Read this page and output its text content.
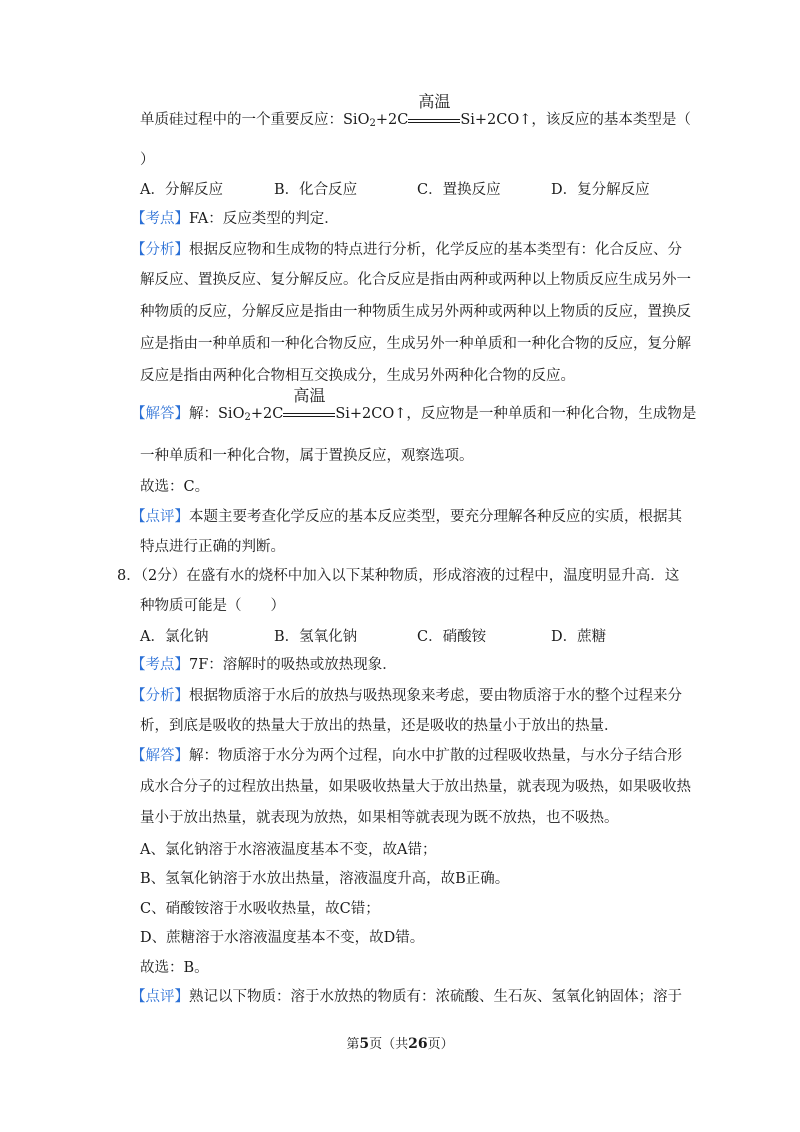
单质硅过程中的一个重要反应：SiO$_2$+2C
高温
Si+2CO↑，该反应的基本类型是（
）
A．分解反应	B．化合反应	C．置换反应	D．复分解反应
【考点】FA：反应类型的判定．
【分析】根据反应物和生成物的特点进行分析，化学反应的基本类型有：化合反应、分
解反应、置换反应、复分解反应。化合反应是指由两种或两种以上物质反应生成另外一
种物质的反应，分解反应是指由一种物质生成另外两种或两种以上物质的反应，置换反
应是指由一种单质和一种化合物反应，生成另外一种单质和一种化合物的反应，复分解
反应是指由两种化合物相互交换成分，生成另外两种化合物的反应。
【解答】解：SiO$_2$+2C
高温
Si+2CO↑，反应物是一种单质和一种化合物，生成物是
一种单质和一种化合物，属于置换反应，观察选项。
故选：C。
【点评】本题主要考查化学反应的基本反应类型，要充分理解各种反应的实质，根据其
特点进行正确的判断。
8．（2分）在盛有水的烧杯中加入以下某种物质，形成溶液的过程中，温度明显升高．这
种物质可能是（　　）
A．氯化钠	B．氢氧化钠	C．硝酸铵	D．蔗糖
【考点】7F：溶解时的吸热或放热现象．
【分析】根据物质溶于水后的放热与吸热现象来考虑，要由物质溶于水的整个过程来分
析，到底是吸收的热量大于放出的热量，还是吸收的热量小于放出的热量．
【解答】解：物质溶于水分为两个过程，向水中扩散的过程吸收热量，与水分子结合形
成水合分子的过程放出热量，如果吸收热量大于放出热量，就表现为吸热，如果吸收热
量小于放出热量，就表现为放热，如果相等就表现为既不放热，也不吸热。
A、氯化钠溶于水溶液温度基本不变，故A错；
B、氢氧化钠溶于水放出热量，溶液温度升高，故B正确。
C、硝酸铵溶于水吸收热量，故C错；
D、蔗糖溶于水溶液温度基本不变，故D错。
故选：B。
【点评】熟记以下物质：溶于水放热的物质有：浓硫酸、生石灰、氢氧化钠固体；溶于
第5页（共26页）
